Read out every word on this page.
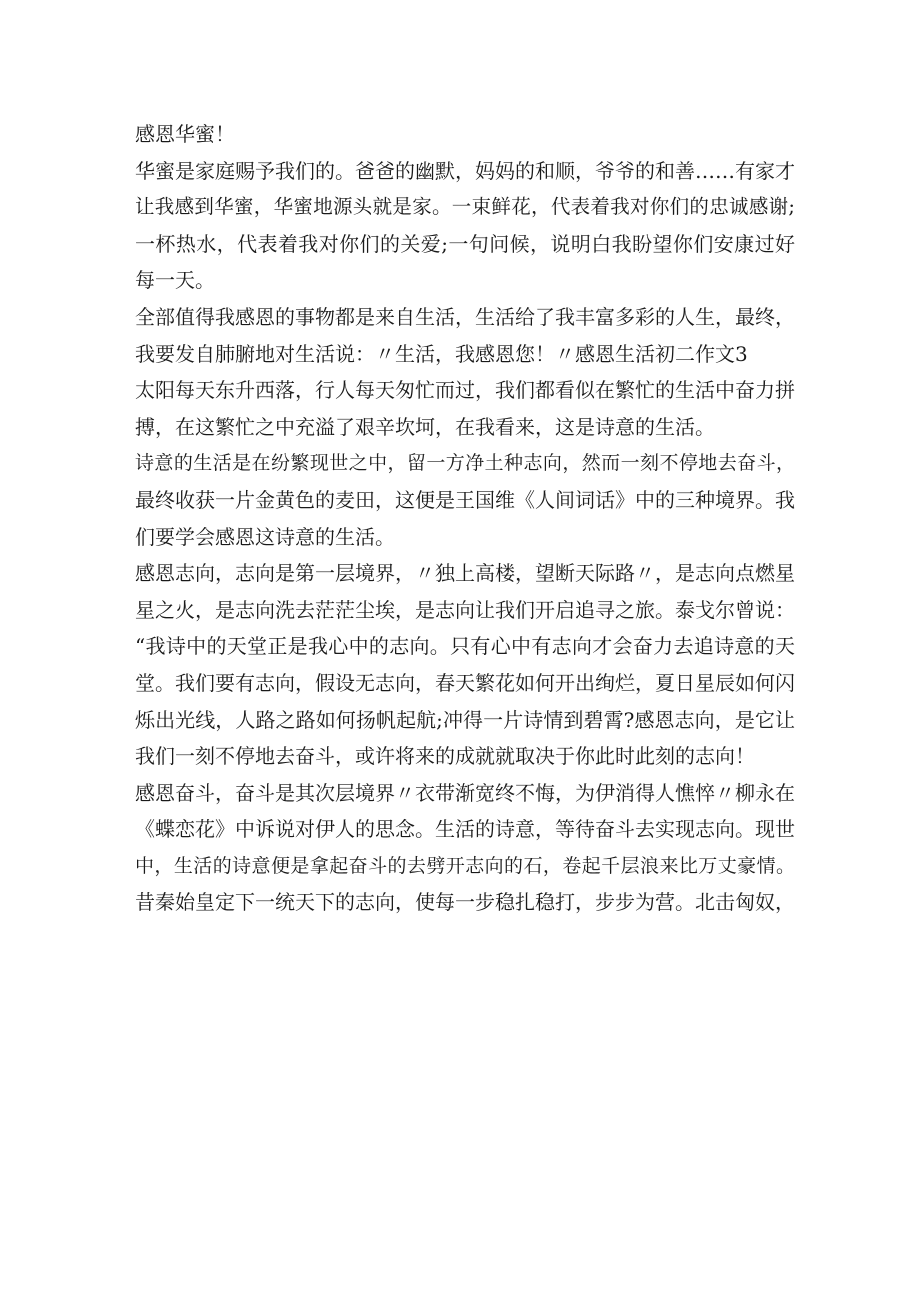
感恩华蜜！
华蜜是家庭赐予我们的。爸爸的幽默，妈妈的和顺，爷爷的和善……有家才
让我感到华蜜，华蜜地源头就是家。一束鲜花，代表着我对你们的忠诚感谢;
一杯热水，代表着我对你们的关爱;一句问候，说明白我盼望你们安康过好
每一天。
全部值得我感恩的事物都是来自生活，生活给了我丰富多彩的人生，最终，
我要发自肺腑地对生活说：〃生活，我感恩您！〃感恩生活初二作文3
太阳每天东升西落，行人每天匆忙而过，我们都看似在繁忙的生活中奋力拼
搏，在这繁忙之中充溢了艰辛坎坷，在我看来，这是诗意的生活。
诗意的生活是在纷繁现世之中，留一方净土种志向，然而一刻不停地去奋斗，
最终收获一片金黄色的麦田，这便是王国维《人间词话》中的三种境界。我
们要学会感恩这诗意的生活。
感恩志向，志向是第一层境界，〃独上高楼，望断天际路〃，是志向点燃星
星之火，是志向洗去茫茫尘埃，是志向让我们开启追寻之旅。泰戈尔曾说：
“我诗中的天堂正是我心中的志向。只有心中有志向才会奋力去追诗意的天
堂。我们要有志向，假设无志向，春天繁花如何开出绚烂，夏日星辰如何闪
烁出光线，人路之路如何扬帆起航;冲得一片诗情到碧霄?感恩志向，是它让
我们一刻不停地去奋斗，或许将来的成就就取决于你此时此刻的志向！
感恩奋斗，奋斗是其次层境界〃衣带渐宽终不悔，为伊消得人憔悴〃柳永在
《蝶恋花》中诉说对伊人的思念。生活的诗意，等待奋斗去实现志向。现世
中，生活的诗意便是拿起奋斗的去劈开志向的石，卷起千层浪来比万丈豪情。
昔秦始皇定下一统天下的志向，使每一步稳扎稳打，步步为营。北击匈奴，
